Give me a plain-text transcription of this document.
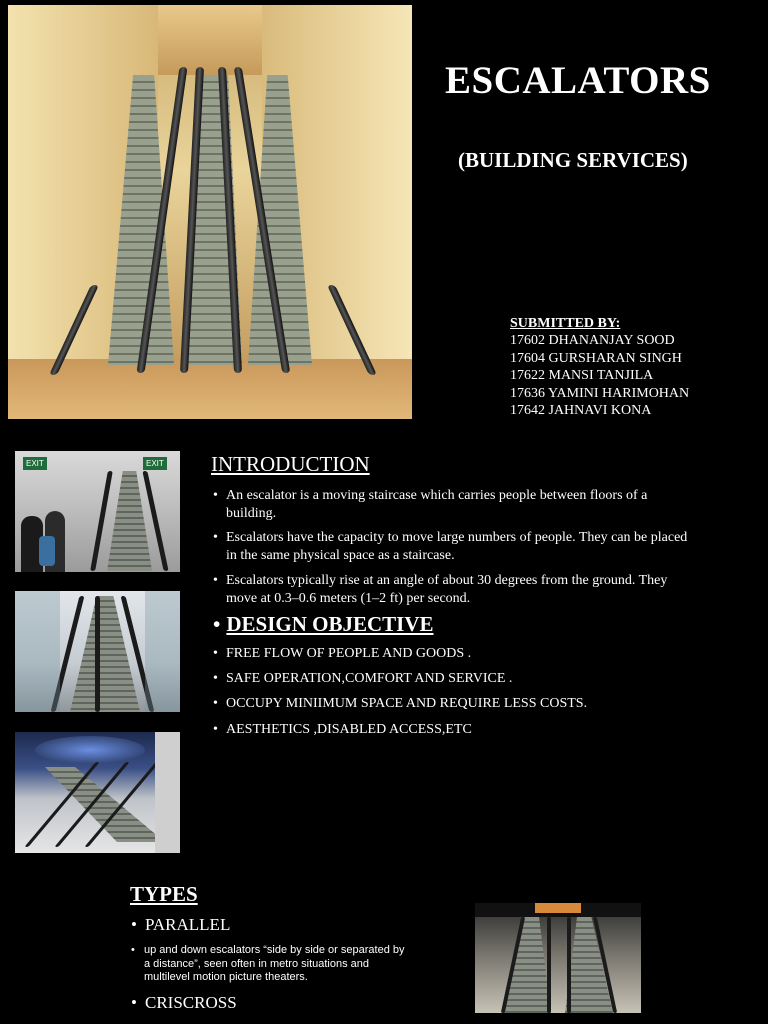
ESCALATORS
(BUILDING SERVICES)
SUBMITTED BY:
17602 DHANANJAY SOOD
17604 GURSHARAN SINGH
17622 MANSI TANJILA
17636 YAMINI HARIMOHAN
17642 JAHNAVI KONA
EXIT	EXIT INTRODUCTION
• An escalator is a moving staircase which carries people between floors of a
building.
• Escalators have the capacity to move large numbers of people. They can be placed
in the same physical space as a staircase.
• Escalators typically rise at an angle of about 30 degrees from the ground. They
move at 0.3–0.6 meters (1–2 ft) per second.
• DESIGN OBJECTIVE
• FREE FLOW OF PEOPLE AND GOODS .
• SAFE OPERATION,COMFORT AND SERVICE .
• OCCUPY MINIIMUM SPACE AND REQUIRE LESS COSTS.
• AESTHETICS ,DISABLED ACCESS,ETC
TYPES
• PARALLEL
• up and down escalators “side by side or separated by
a distance”, seen often in metro situations and
multilevel motion picture theaters.
• CRISCROSS
